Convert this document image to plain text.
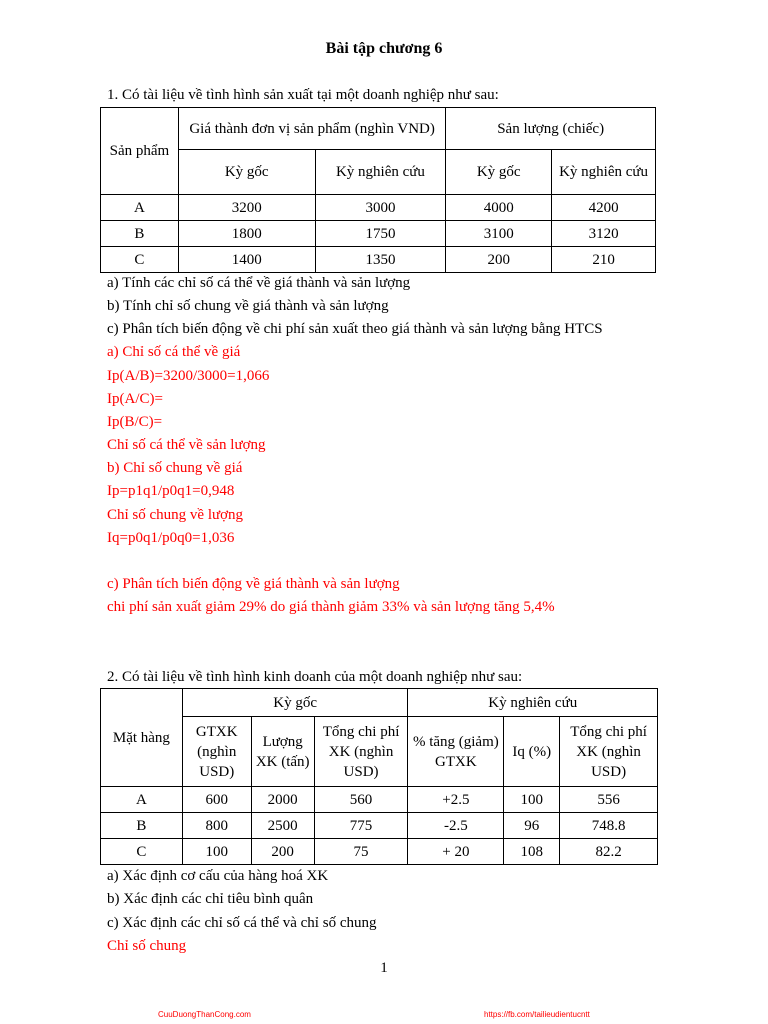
Bài tập chương 6
1. Có tài liệu về tình hình sản xuất tại một doanh nghiệp như sau:
Sản phẩm	Giá thành đơn vị sản phẩm (nghìn VND)		Sản lượng (chiếc)	
	Kỳ gốc	Kỳ nghiên cứu	Kỳ gốc	Kỳ nghiên cứu
A	3200	3000	4000	4200
B	1800	1750	3100	3120
C	1400	1350	200	210
a) Tính các chỉ số cá thể về giá thành và sản lượng
b) Tính chỉ số chung về giá thành và sản lượng
c) Phân tích biến động về chi phí sản xuất theo giá thành và sản lượng bằng HTCS
a) Chỉ số cá thể về giá
Ip(A/B)=3200/3000=1,066
Ip(A/C)=
Ip(B/C)=
Chỉ số cá thể về sản lượng
b) Chỉ số chung về giá
Ip=p1q1/p0q1=0,948
Chỉ số chung về lượng
Iq=p0q1/p0q0=1,036
c) Phân tích biến động về giá thành và sản lượng
chi phí sản xuất giảm 29% do giá thành giảm 33% và sản lượng tăng 5,4%
2. Có tài liệu về tình hình kinh doanh của một doanh nghiệp như sau:
Mặt hàng	Kỳ gốc			Kỳ nghiên cứu		
	GTXK (nghìn USD)	Lượng XK (tấn)	Tổng chi phí XK (nghìn USD)	% tăng (giảm) GTXK	Iq (%)	Tổng chi phí XK (nghìn USD)
A	600	2000	560	+2.5	100	556
B	800	2500	775	-2.5	96	748.8
C	100	200	75	+ 20	108	82.2
a) Xác định cơ cấu của hàng hoá XK
b) Xác định các chỉ tiêu bình quân
c) Xác định các chỉ số cá thể và chỉ số chung
Chỉ số chung
1
CuuDuongThanCong.com	https://fb.com/tailieudientucntt
